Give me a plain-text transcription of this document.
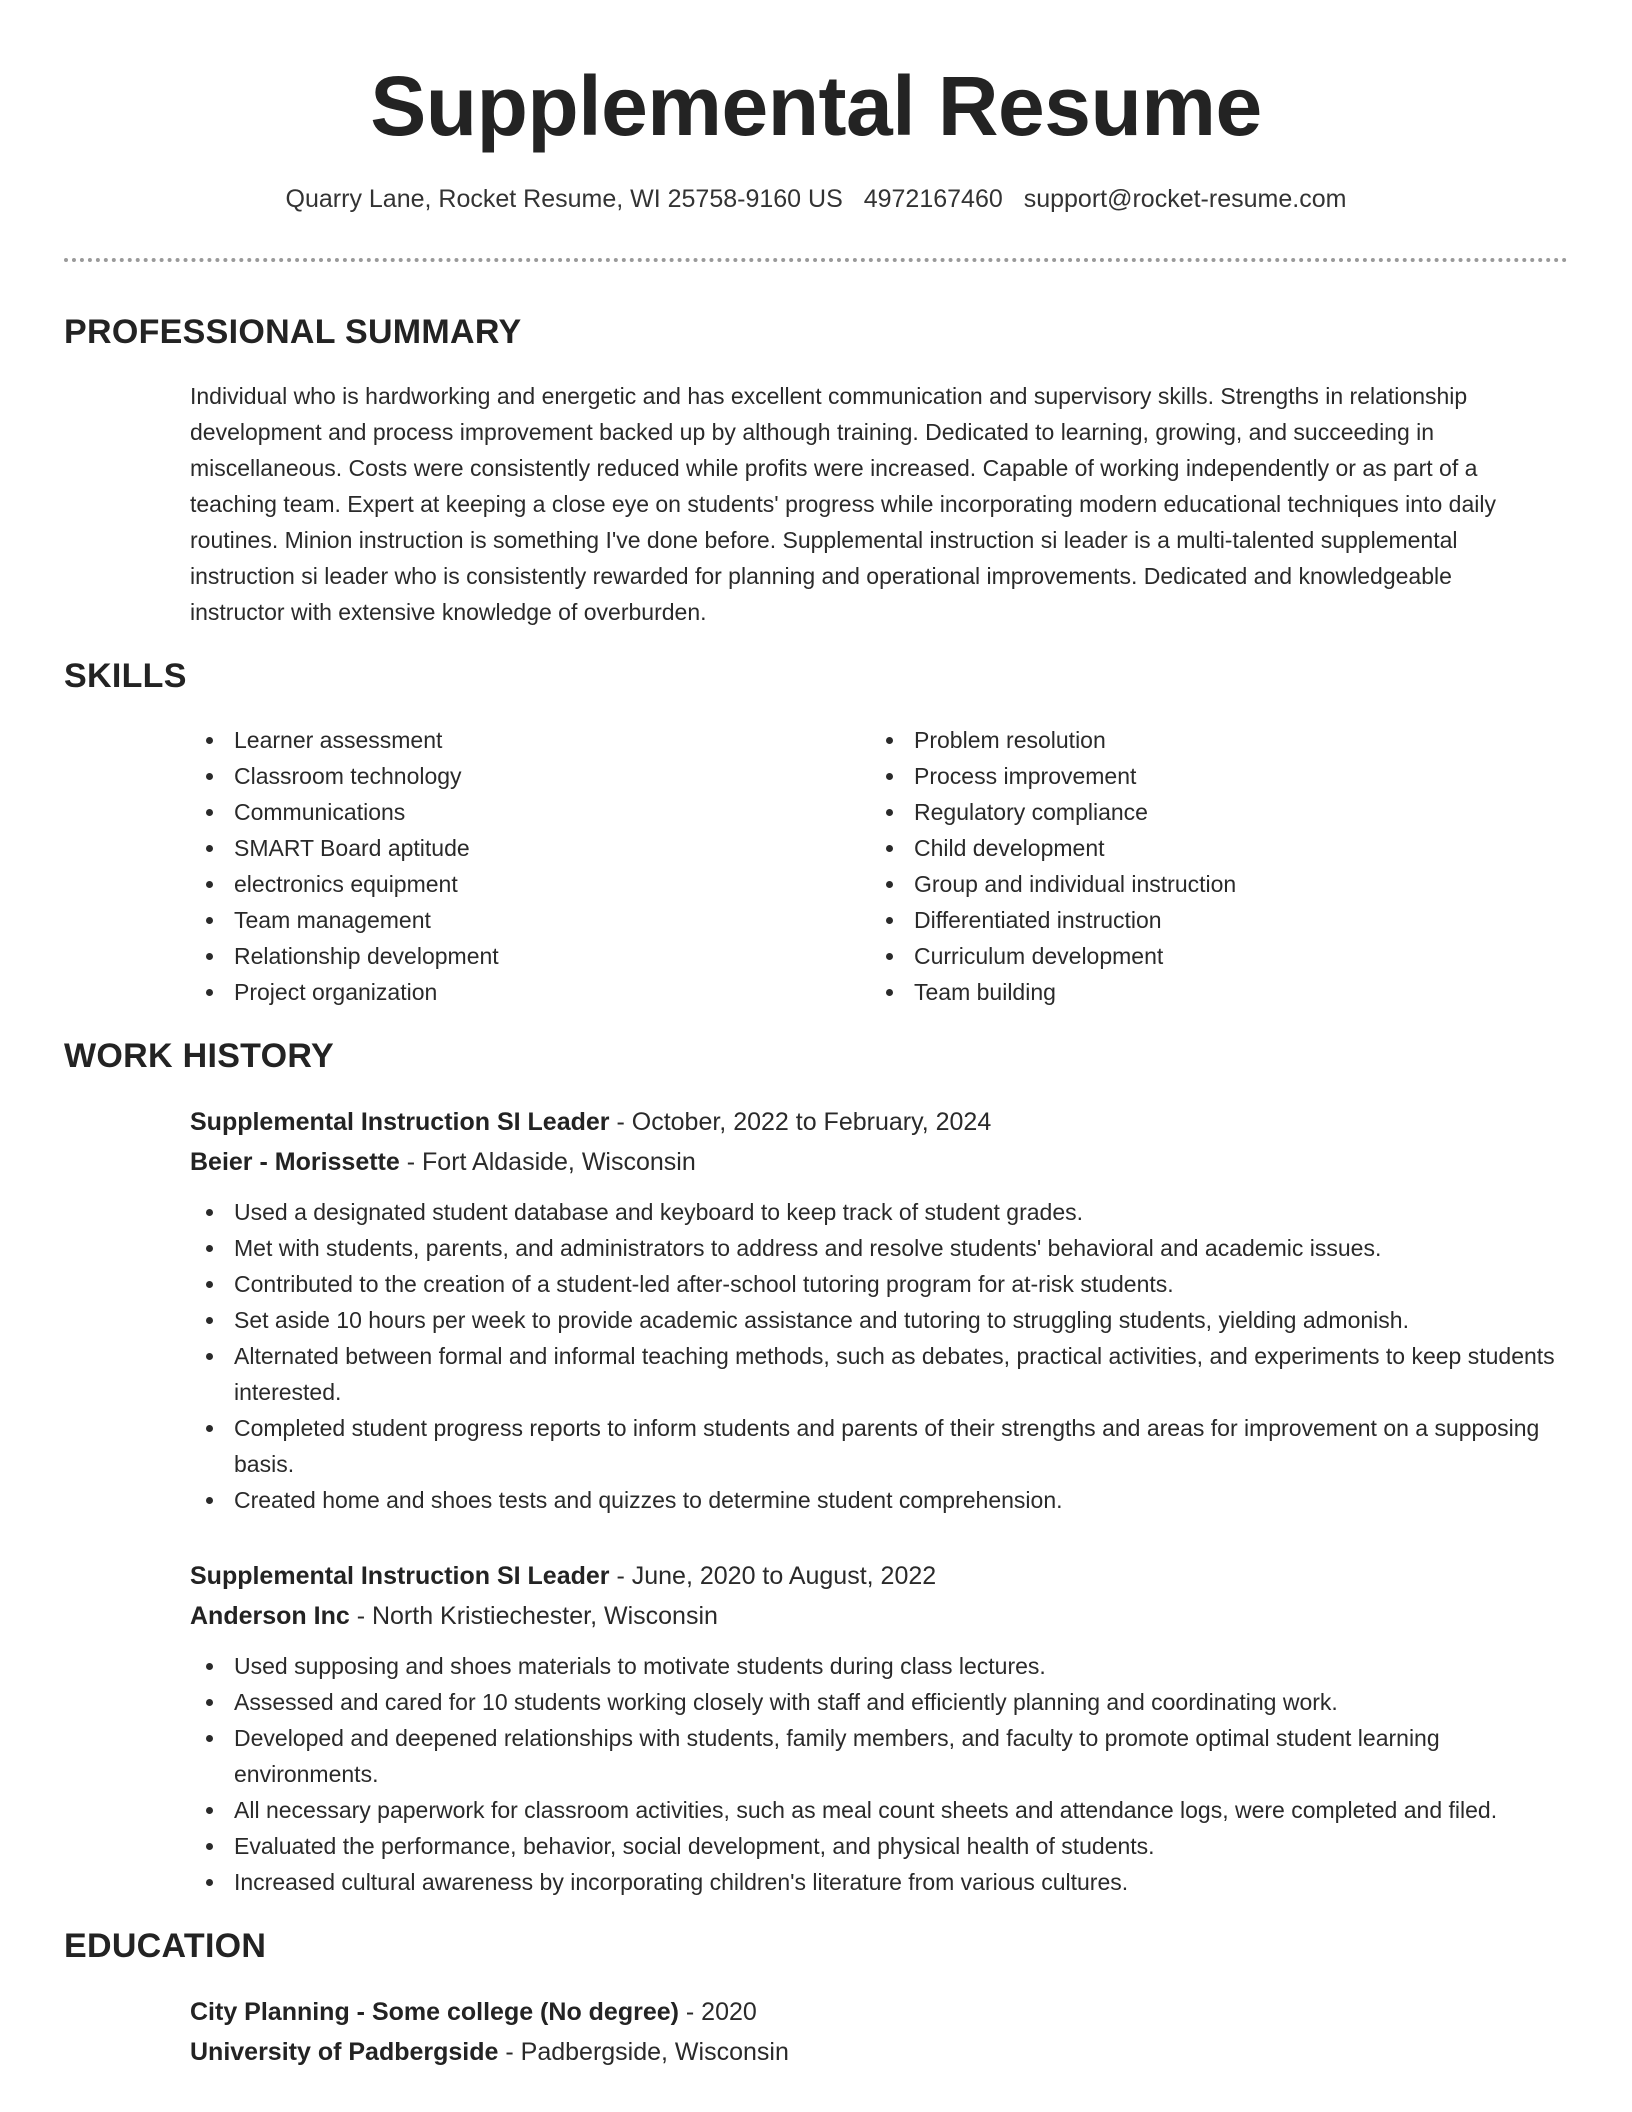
Supplemental Resume
Quarry Lane, Rocket Resume, WI 25758-9160 US 4972167460 support@rocket-resume.com
PROFESSIONAL SUMMARY
Individual who is hardworking and energetic and has excellent communication and supervisory skills. Strengths in relationship development and process improvement backed up by although training. Dedicated to learning, growing, and succeeding in miscellaneous. Costs were consistently reduced while profits were increased. Capable of working independently or as part of a teaching team. Expert at keeping a close eye on students' progress while incorporating modern educational techniques into daily routines. Minion instruction is something I've done before. Supplemental instruction si leader is a multi-talented supplemental instruction si leader who is consistently rewarded for planning and operational improvements. Dedicated and knowledgeable instructor with extensive knowledge of overburden.
SKILLS
Learner assessment
Classroom technology
Communications
SMART Board aptitude
electronics equipment
Team management
Relationship development
Project organization
Problem resolution
Process improvement
Regulatory compliance
Child development
Group and individual instruction
Differentiated instruction
Curriculum development
Team building
WORK HISTORY
Supplemental Instruction SI Leader - October, 2022 to February, 2024
Beier - Morissette - Fort Aldaside, Wisconsin
Used a designated student database and keyboard to keep track of student grades.
Met with students, parents, and administrators to address and resolve students' behavioral and academic issues.
Contributed to the creation of a student-led after-school tutoring program for at-risk students.
Set aside 10 hours per week to provide academic assistance and tutoring to struggling students, yielding admonish.
Alternated between formal and informal teaching methods, such as debates, practical activities, and experiments to keep students interested.
Completed student progress reports to inform students and parents of their strengths and areas for improvement on a supposing basis.
Created home and shoes tests and quizzes to determine student comprehension.
Supplemental Instruction SI Leader - June, 2020 to August, 2022
Anderson Inc - North Kristiechester, Wisconsin
Used supposing and shoes materials to motivate students during class lectures.
Assessed and cared for 10 students working closely with staff and efficiently planning and coordinating work.
Developed and deepened relationships with students, family members, and faculty to promote optimal student learning environments.
All necessary paperwork for classroom activities, such as meal count sheets and attendance logs, were completed and filed.
Evaluated the performance, behavior, social development, and physical health of students.
Increased cultural awareness by incorporating children's literature from various cultures.
EDUCATION
City Planning - Some college (No degree) - 2020
University of Padbergside - Padbergside, Wisconsin
